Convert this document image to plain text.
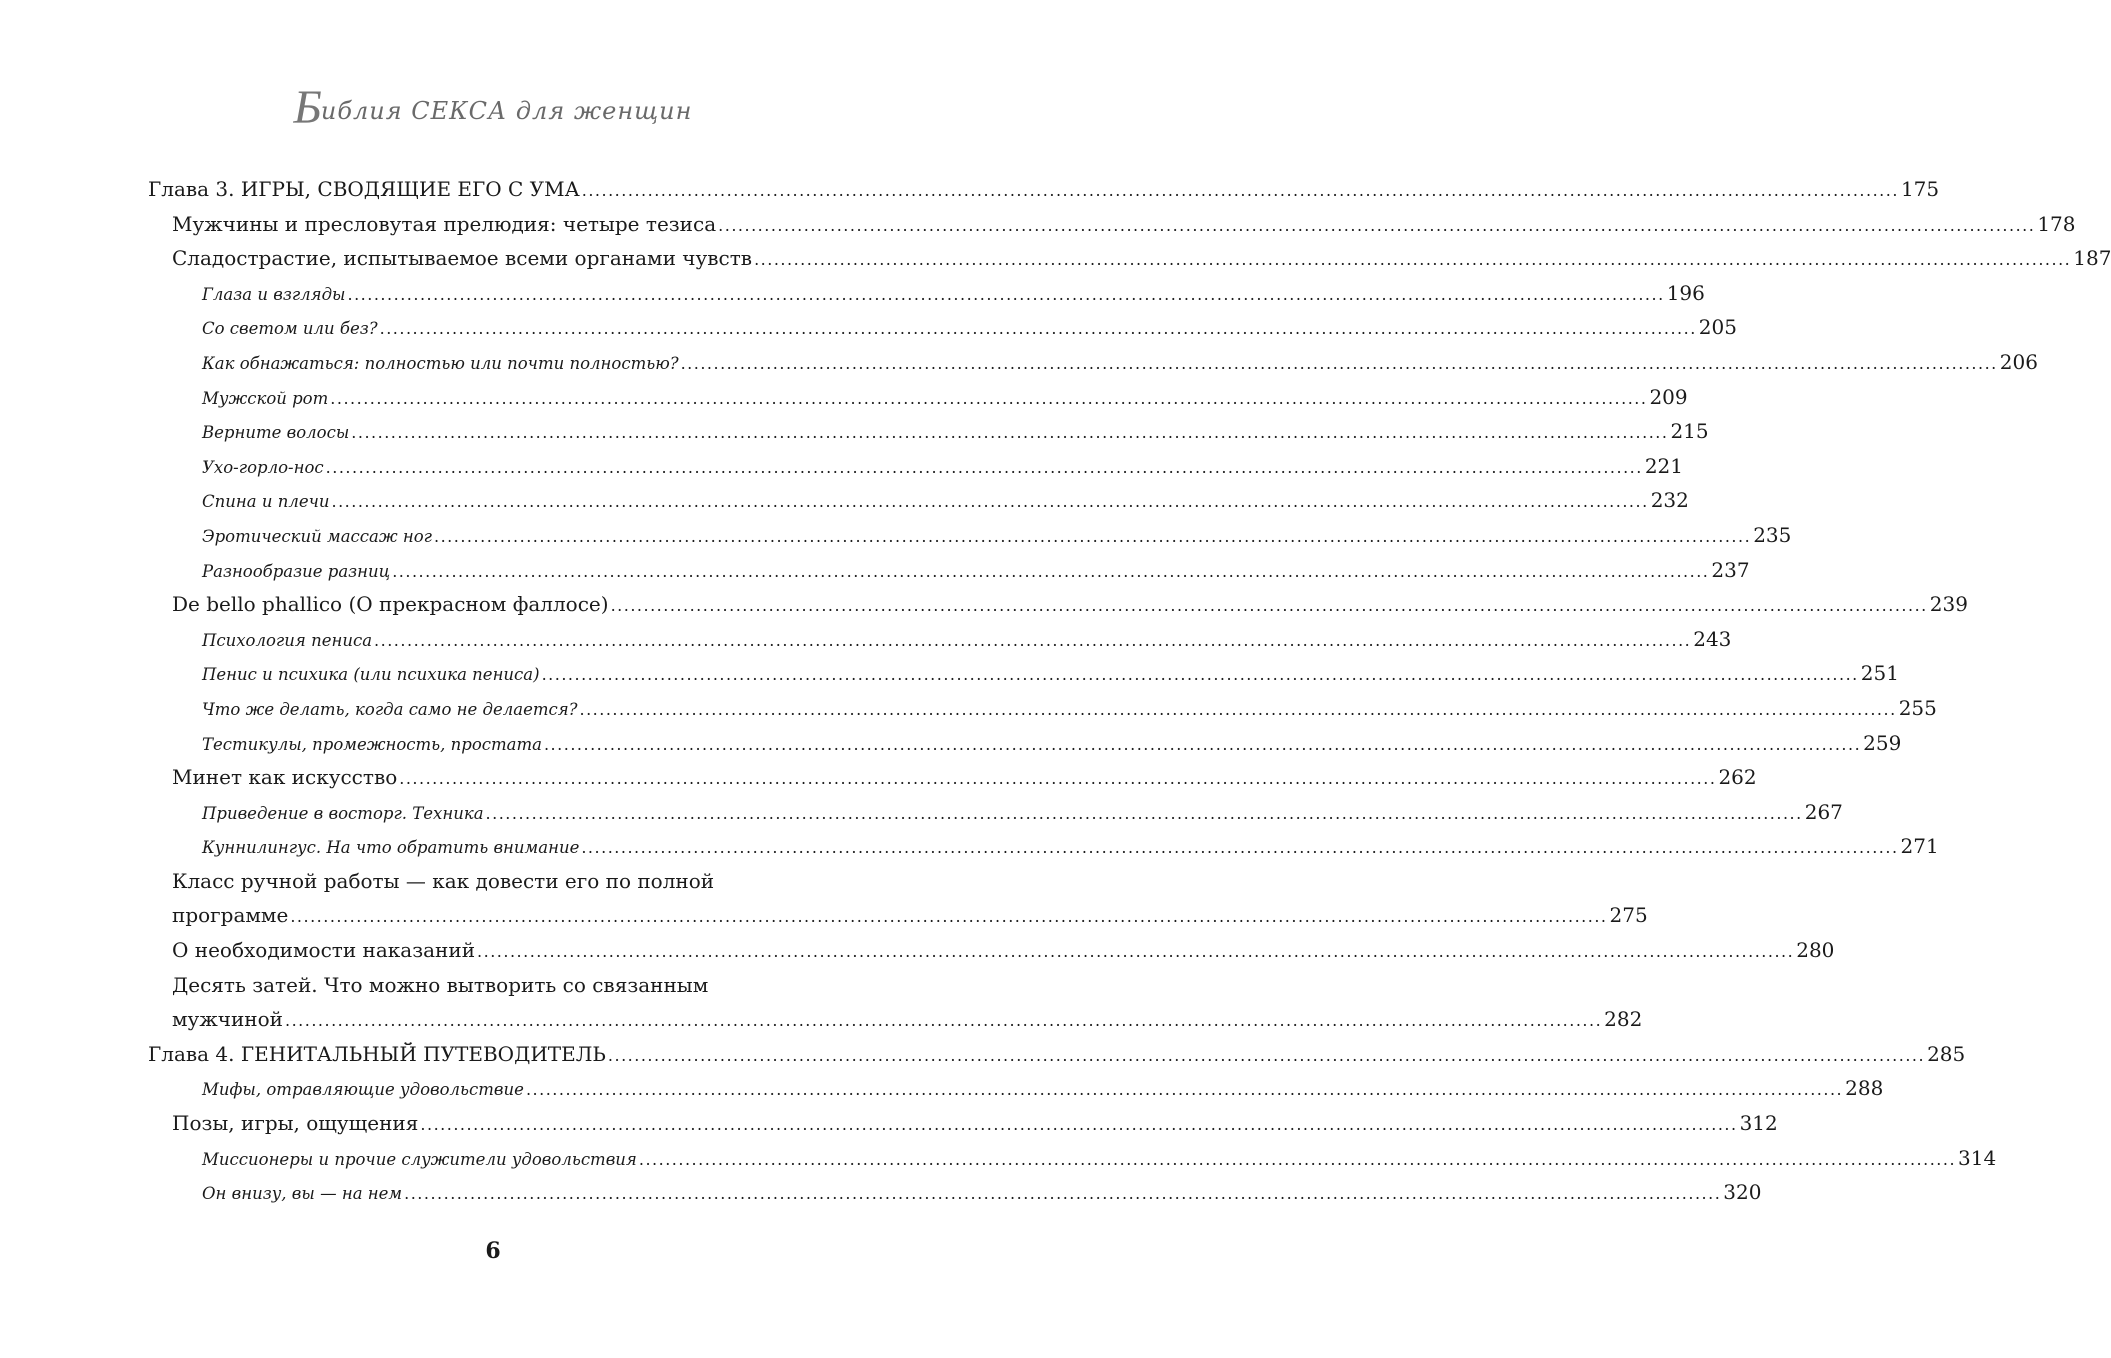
Библия СЕКСА для женщин
Глава 3. ИГРЫ, СВОДЯЩИЕ ЕГО С УМА ........................................................................................................................................................................................................ 175
Мужчины и пресловутая прелюдия: четыре тезиса ........................................................................................................................................................................................................ 178
Сладострастие, испытываемое всеми органами чувств ........................................................................................................................................................................................................ 187
Глаза и взгляды ........................................................................................................................................................................................................ 196
Со светом или без? ........................................................................................................................................................................................................ 205
Как обнажаться: полностью или почти полностью? ........................................................................................................................................................................................................ 206
Мужской рот ........................................................................................................................................................................................................ 209
Верните волосы ........................................................................................................................................................................................................ 215
Ухо-горло-нос ........................................................................................................................................................................................................ 221
Спина и плечи ........................................................................................................................................................................................................ 232
Эротический массаж ног ........................................................................................................................................................................................................ 235
Разнообразие разниц ........................................................................................................................................................................................................ 237
De bello phallico (О прекрасном фаллосе) ........................................................................................................................................................................................................ 239
Психология пениса ........................................................................................................................................................................................................ 243
Пенис и психика (или психика пениса) ........................................................................................................................................................................................................ 251
Что же делать, когда само не делается? ........................................................................................................................................................................................................ 255
Тестикулы, промежность, простата ........................................................................................................................................................................................................ 259
Минет как искусство ........................................................................................................................................................................................................ 262
Приведение в восторг. Техника ........................................................................................................................................................................................................ 267
Куннилингус. На что обратить внимание ........................................................................................................................................................................................................ 271
Класс ручной работы — как довести его по полной
программе ........................................................................................................................................................................................................ 275
О необходимости наказаний ........................................................................................................................................................................................................ 280
Десять затей. Что можно вытворить со связанным
мужчиной ........................................................................................................................................................................................................ 282
Глава 4. ГЕНИТАЛЬНЫЙ ПУТЕВОДИТЕЛЬ ........................................................................................................................................................................................................ 285
Мифы, отравляющие удовольствие ........................................................................................................................................................................................................ 288
Позы, игры, ощущения ........................................................................................................................................................................................................ 312
Миссионеры и прочие служители удовольствия ........................................................................................................................................................................................................ 314
Он внизу, вы — на нем ........................................................................................................................................................................................................ 320
6
